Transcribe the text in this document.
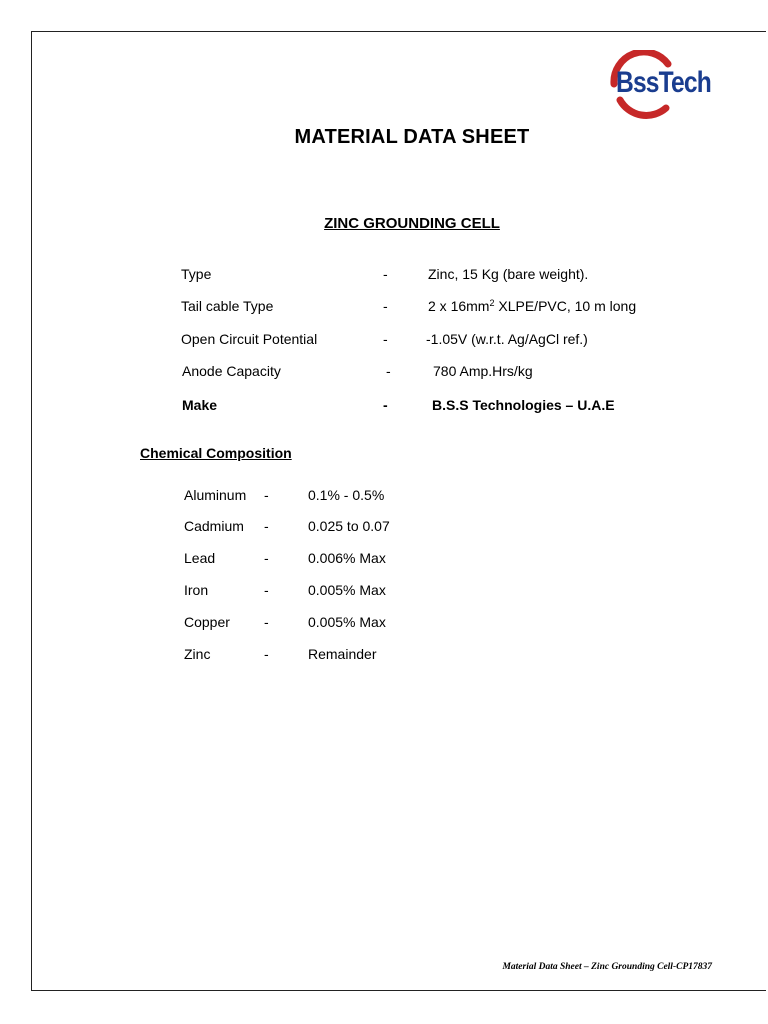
BssTech
MATERIAL DATA SHEET
ZINC GROUNDING CELL
Type	-	Zinc, 15 Kg (bare weight).
Tail cable Type	-	2 x $16mm^2$ XLPE/PVC, 10 m long
Open Circuit Potential	-	-1.05V (w.r.t. Ag/AgCl ref.)
Anode Capacity	-	780 Amp.Hrs/kg
Make	-	B.S.S Technologies – U.A.E
Chemical Composition
Aluminum -	0.1% - 0.5%
Cadmium -	0.025 to 0.07
Lead	-	0.006% Max
Iron	-	0.005% Max
Copper -	0.005% Max
Zinc	-	Remainder
Material Data Sheet – Zinc Grounding Cell-CP17837
